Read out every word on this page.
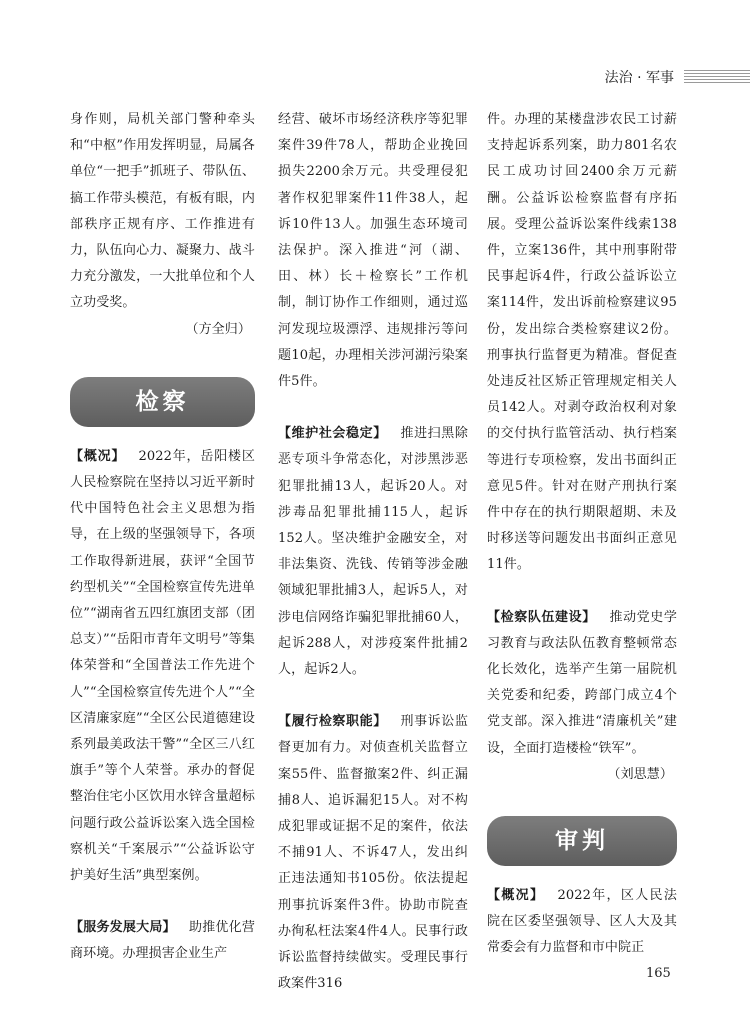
法治 · 军事

身作则，局机关部门警种牵头和“中枢”作用发挥明显，局属各单位“一把手”抓班子、带队伍、搞工作带头模范，有板有眼，内部秩序正规有序、工作推进有力，队伍向心力、凝聚力、战斗力充分激发，一大批单位和个人立功受奖。

（方全归）

检察

【概况】  2022年，岳阳楼区人民检察院在坚持以习近平新时代中国特色社会主义思想为指导，在上级的坚强领导下，各项工作取得新进展，获评“全国节约型机关”“全国检察宣传先进单位”“湖南省五四红旗团支部（团总支）”“岳阳市青年文明号”等集体荣誉和“全国普法工作先进个人”“全国检察宣传先进个人”“全区清廉家庭”“全区公民道德建设系列最美政法干警”“全区三八红旗手”等个人荣誉。承办的督促整治住宅小区饮用水锌含量超标问题行政公益诉讼案入选全国检察机关“千案展示”“公益诉讼守护美好生活”典型案例。

【服务发展大局】  助推优化营商环境。办理损害企业生产

经营、破坏市场经济秩序等犯罪案件39件78人，帮助企业挽回损失2200余万元。共受理侵犯著作权犯罪案件11件38人，起诉10件13人。加强生态环境司法保护。深入推进“河（湖、田、林）长＋检察长”工作机制，制订协作工作细则，通过巡河发现垃圾漂浮、违规排污等问题10起，办理相关涉河湖污染案件5件。

【维护社会稳定】  推进扫黑除恶专项斗争常态化，对涉黑涉恶犯罪批捕13人，起诉20人。对涉毒品犯罪批捕115人，起诉152人。坚决维护金融安全，对非法集资、洗钱、传销等涉金融领域犯罪批捕3人，起诉5人，对涉电信网络诈骗犯罪批捕60人，起诉288人，对涉疫案件批捕2人，起诉2人。

【履行检察职能】  刑事诉讼监督更加有力。对侦查机关监督立案55件、监督撤案2件、纠正漏捕8人、追诉漏犯15人。对不构成犯罪或证据不足的案件，依法不捕91人、不诉47人，发出纠正违法通知书105份。依法提起刑事抗诉案件3件。协助市院查办徇私枉法案4件4人。民事行政诉讼监督持续做实。受理民事行政案件316

件。办理的某楼盘涉农民工讨薪支持起诉系列案，助力801名农民工成功讨回2400余万元薪酬。公益诉讼检察监督有序拓展。受理公益诉讼案件线索138件，立案136件，其中刑事附带民事起诉4件，行政公益诉讼立案114件，发出诉前检察建议95份，发出综合类检察建议2份。刑事执行监督更为精准。督促查处违反社区矫正管理规定相关人员142人。对剥夺政治权利对象的交付执行监管活动、执行档案等进行专项检察，发出书面纠正意见5件。针对在财产刑执行案件中存在的执行期限超期、未及时移送等问题发出书面纠正意见11件。

【检察队伍建设】  推动党史学习教育与政法队伍教育整顿常态化长效化，选举产生第一届院机关党委和纪委，跨部门成立4个党支部。深入推进“清廉机关”建设，全面打造楼检“铁军”。

（刘思慧）

审判

【概况】  2022年，区人民法院在区委坚强领导、区人大及其常委会有力监督和市中院正

165
